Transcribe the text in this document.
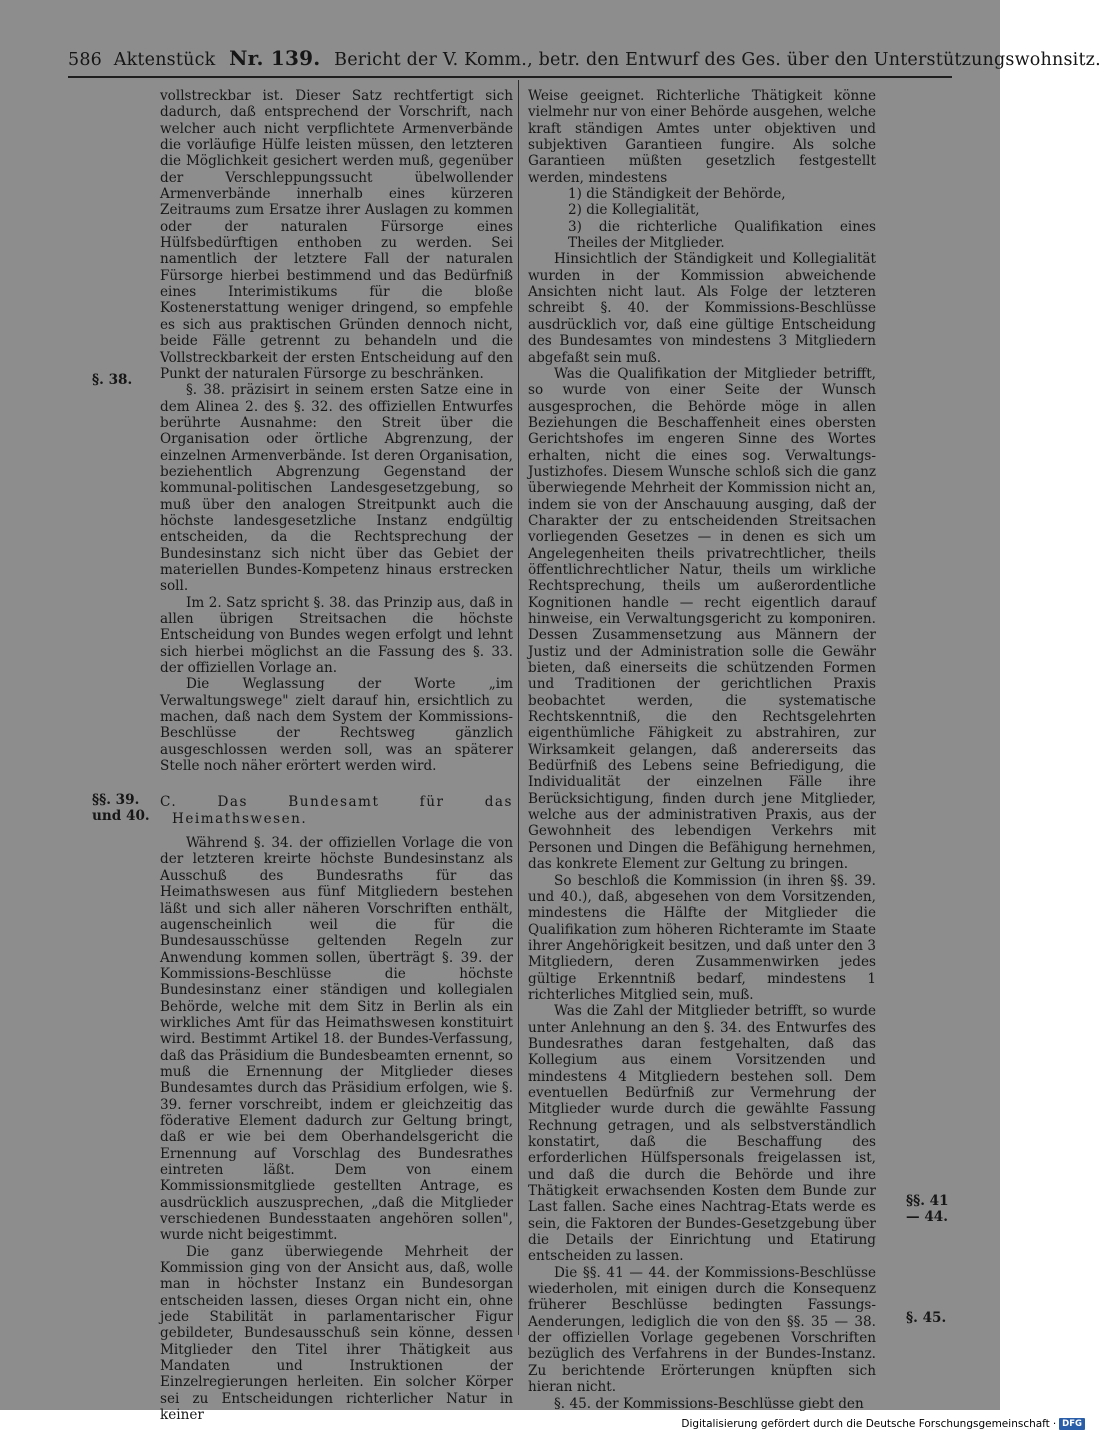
586 Aktenstück Nr. 139. Bericht der V. Komm., betr. den Entwurf des Ges. über den Unterstützungswohnsitz.
§. 38.
§§. 39.
und 40.
§§. 41
— 44.
§. 45.

vollstreckbar ist. Dieser Satz rechtfertigt sich dadurch, daß entsprechend der Vorschrift, nach welcher auch nicht verpflichtete Armenverbände die vorläufige Hülfe leisten müssen, den letzteren die Möglichkeit gesichert werden muß, gegenüber der Verschleppungssucht übelwollender Armenverbände innerhalb eines kürzeren Zeitraums zum Ersatze ihrer Auslagen zu kommen oder der naturalen Fürsorge eines Hülfsbedürftigen enthoben zu werden. Sei namentlich der letztere Fall der naturalen Fürsorge hierbei bestimmend und das Bedürfniß eines Interimistikums für die bloße Kostenerstattung weniger dringend, so empfehle es sich aus praktischen Gründen dennoch nicht, beide Fälle getrennt zu behandeln und die Vollstreckbarkeit der ersten Entscheidung auf den Punkt der naturalen Fürsorge zu beschränken.

§. 38. präzisirt in seinem ersten Satze eine in dem Alinea 2. des §. 32. des offiziellen Entwurfes berührte Ausnahme: den Streit über die Organisation oder örtliche Abgrenzung, der einzelnen Armenverbände. Ist deren Organisation, beziehentlich Abgrenzung Gegenstand der kommunal-politischen Landesgesetzgebung, so muß über den analogen Streitpunkt auch die höchste landesgesetzliche Instanz endgültig entscheiden, da die Rechtsprechung der Bundesinstanz sich nicht über das Gebiet der materiellen Bundes-Kompetenz hinaus erstrecken soll.

Im 2. Satz spricht §. 38. das Prinzip aus, daß in allen übrigen Streitsachen die höchste Entscheidung von Bundes wegen erfolgt und lehnt sich hierbei möglichst an die Fassung des §. 33. der offiziellen Vorlage an.

Die Weglassung der Worte „im Verwaltungswege" zielt darauf hin, ersichtlich zu machen, daß nach dem System der Kommissions-Beschlüsse der Rechtsweg gänzlich ausgeschlossen werden soll, was an späterer Stelle noch näher erörtert werden wird.

C. Das Bundesamt für das Heimathswesen.

Während §. 34. der offiziellen Vorlage die von der letzteren kreirte höchste Bundesinstanz als Ausschuß des Bundesraths für das Heimathswesen aus fünf Mitgliedern bestehen läßt und sich aller näheren Vorschriften enthält, augenscheinlich weil die für die Bundesausschüsse geltenden Regeln zur Anwendung kommen sollen, überträgt §. 39. der Kommissions-Beschlüsse die höchste Bundesinstanz einer ständigen und kollegialen Behörde, welche mit dem Sitz in Berlin als ein wirkliches Amt für das Heimathswesen konstituirt wird. Bestimmt Artikel 18. der Bundes-Verfassung, daß das Präsidium die Bundesbeamten ernennt, so muß die Ernennung der Mitglieder dieses Bundesamtes durch das Präsidium erfolgen, wie §. 39. ferner vorschreibt, indem er gleichzeitig das föderative Element dadurch zur Geltung bringt, daß er wie bei dem Oberhandelsgericht die Ernennung auf Vorschlag des Bundesrathes eintreten läßt. Dem von einem Kommissionsmitgliede gestellten Antrage, es ausdrücklich auszusprechen, „daß die Mitglieder verschiedenen Bundesstaaten angehören sollen", wurde nicht beigestimmt.

Die ganz überwiegende Mehrheit der Kommission ging von der Ansicht aus, daß, wolle man in höchster Instanz ein Bundesorgan entscheiden lassen, dieses Organ nicht ein, ohne jede Stabilität in parlamentarischer Figur gebildeter, Bundesausschuß sein könne, dessen Mitglieder den Titel ihrer Thätigkeit aus Mandaten und Instruktionen der Einzelregierungen herleiten. Ein solcher Körper sei zu Entscheidungen richterlicher Natur in keiner

Weise geeignet. Richterliche Thätigkeit könne vielmehr nur von einer Behörde ausgehen, welche kraft ständigen Amtes unter objektiven und subjektiven Garantieen fungire. Als solche Garantieen müßten gesetzlich festgestellt werden, mindestens

1) die Ständigkeit der Behörde,
2) die Kollegialität,
3) die richterliche Qualifikation eines Theiles der Mitglieder.

Hinsichtlich der Ständigkeit und Kollegialität wurden in der Kommission abweichende Ansichten nicht laut. Als Folge der letzteren schreibt §. 40. der Kommissions-Beschlüsse ausdrücklich vor, daß eine gültige Entscheidung des Bundesamtes von mindestens 3 Mitgliedern abgefaßt sein muß.

Was die Qualifikation der Mitglieder betrifft, so wurde von einer Seite der Wunsch ausgesprochen, die Behörde möge in allen Beziehungen die Beschaffenheit eines obersten Gerichtshofes im engeren Sinne des Wortes erhalten, nicht die eines sog. Verwaltungs-Justizhofes. Diesem Wunsche schloß sich die ganz überwiegende Mehrheit der Kommission nicht an, indem sie von der Anschauung ausging, daß der Charakter der zu entscheidenden Streitsachen vorliegenden Gesetzes — in denen es sich um Angelegenheiten theils privatrechtlicher, theils öffentlichrechtlicher Natur, theils um wirkliche Rechtsprechung, theils um außerordentliche Kognitionen handle — recht eigentlich darauf hinweise, ein Verwaltungsgericht zu komponiren. Dessen Zusammensetzung aus Männern der Justiz und der Administration solle die Gewähr bieten, daß einerseits die schützenden Formen und Traditionen der gerichtlichen Praxis beobachtet werden, die systematische Rechtskenntniß, die den Rechtsgelehrten eigenthümliche Fähigkeit zu abstrahiren, zur Wirksamkeit gelangen, daß andererseits das Bedürfniß des Lebens seine Befriedigung, die Individualität der einzelnen Fälle ihre Berücksichtigung, finden durch jene Mitglieder, welche aus der administrativen Praxis, aus der Gewohnheit des lebendigen Verkehrs mit Personen und Dingen die Befähigung hernehmen, das konkrete Element zur Geltung zu bringen.

So beschloß die Kommission (in ihren §§. 39. und 40.), daß, abgesehen von dem Vorsitzenden, mindestens die Hälfte der Mitglieder die Qualifikation zum höheren Richteramte im Staate ihrer Angehörigkeit besitzen, und daß unter den 3 Mitgliedern, deren Zusammenwirken jedes gültige Erkenntniß bedarf, mindestens 1 richterliches Mitglied sein, muß.

Was die Zahl der Mitglieder betrifft, so wurde unter Anlehnung an den §. 34. des Entwurfes des Bundesrathes daran festgehalten, daß das Kollegium aus einem Vorsitzenden und mindestens 4 Mitgliedern bestehen soll. Dem eventuellen Bedürfniß zur Vermehrung der Mitglieder wurde durch die gewählte Fassung Rechnung getragen, und als selbstverständlich konstatirt, daß die Beschaffung des erforderlichen Hülfspersonals freigelassen ist, und daß die durch die Behörde und ihre Thätigkeit erwachsenden Kosten dem Bunde zur Last fallen. Sache eines Nachtrag-Etats werde es sein, die Faktoren der Bundes-Gesetzgebung über die Details der Einrichtung und Etatirung entscheiden zu lassen.

Die §§. 41 — 44. der Kommissions-Beschlüsse wiederholen, mit einigen durch die Konsequenz früherer Beschlüsse bedingten Fassungs-Aenderungen, lediglich die von den §§. 35 — 38. der offiziellen Vorlage gegebenen Vorschriften bezüglich des Verfahrens in der Bundes-Instanz. Zu berichtende Erörterungen knüpften sich hieran nicht.

§. 45. der Kommissions-Beschlüsse giebt den

Digitalisierung gefördert durch die Deutsche Forschungsgemeinschaft · DFG
